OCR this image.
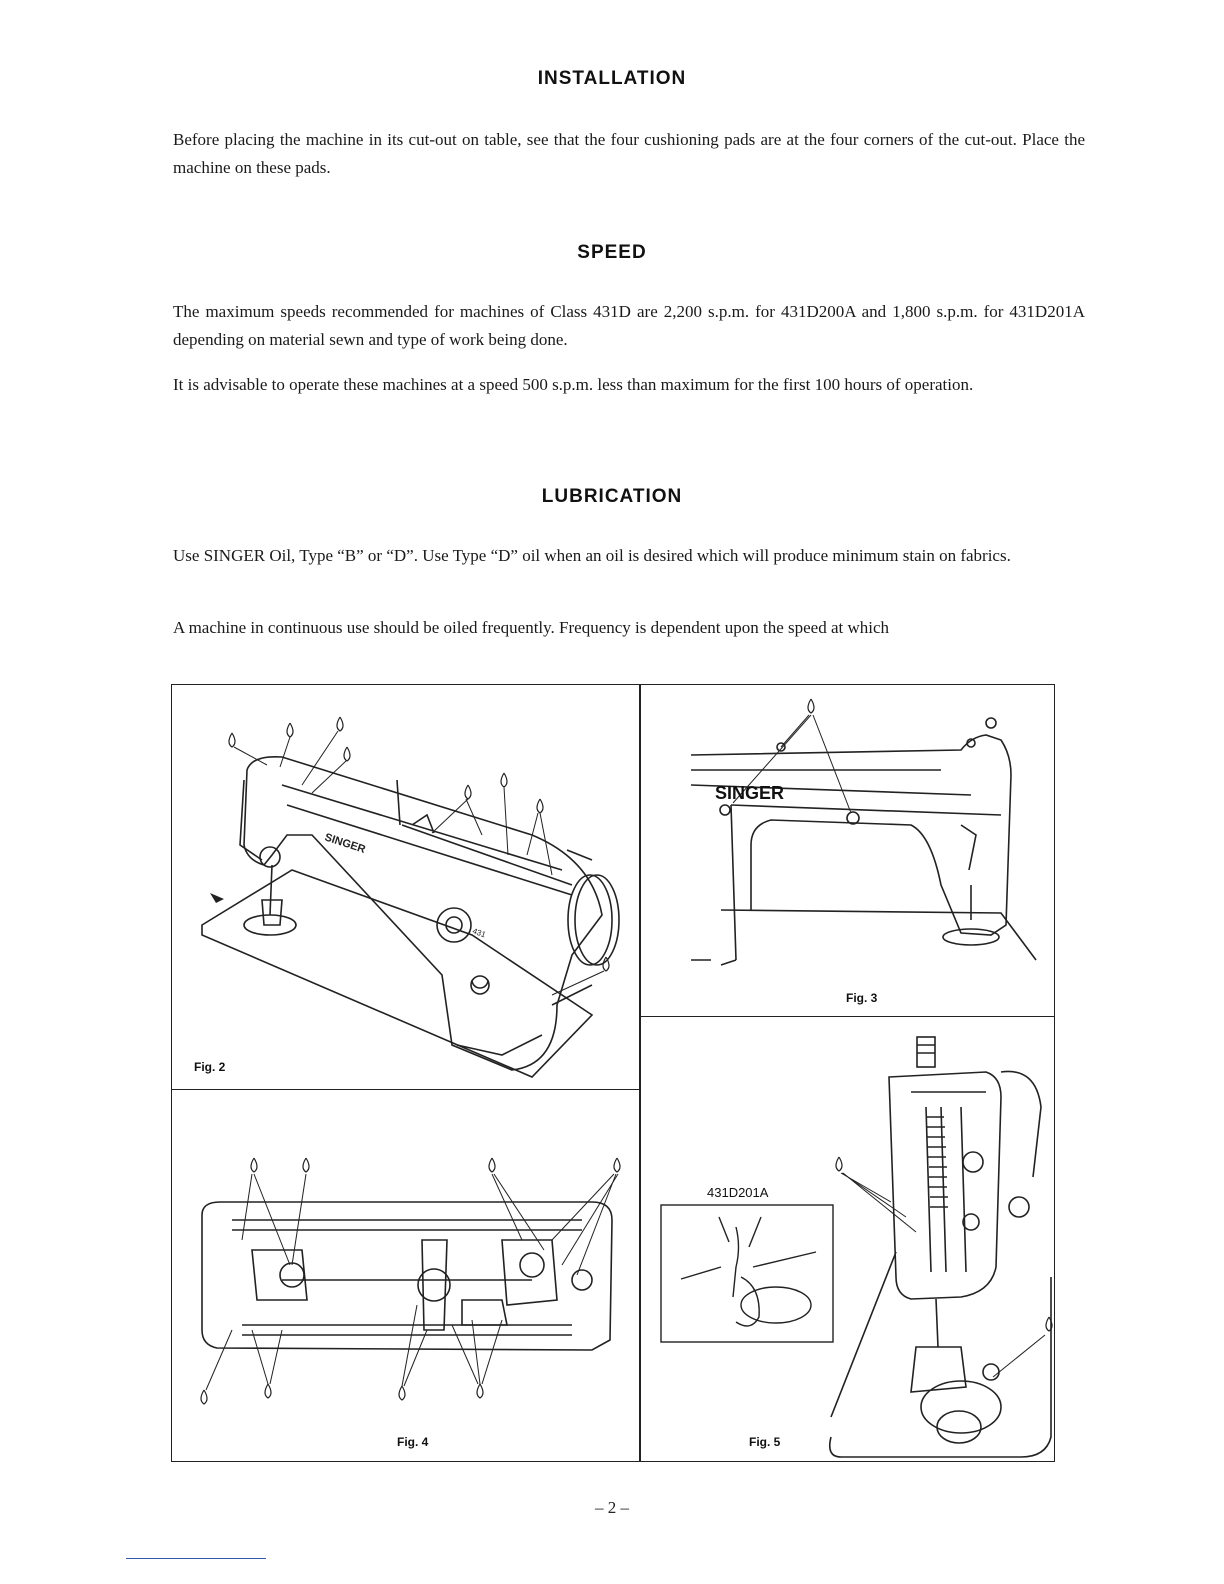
INSTALLATION
Before placing the machine in its cut-out on table, see that the four cushioning pads are at the four corners of the cut-out. Place the machine on these pads.
SPEED
The maximum speeds recommended for machines of Class 431D are 2,200 s.p.m. for 431D200A and 1,800 s.p.m. for 431D201A depending on material sewn and type of work being done.
It is advisable to operate these machines at a speed 500 s.p.m. less than maximum for the first 100 hours of operation.
LUBRICATION
Use SINGER Oil, Type “B” or “D”. Use Type “D” oil when an oil is desired which will produce minimum stain on fabrics.
A machine in continuous use should be oiled frequently. Frequency is dependent upon the speed at which
SINGER
431
Fig. 2
SINGER
Fig. 3
Fig. 4
431D201A
Fig. 5
– 2 –
